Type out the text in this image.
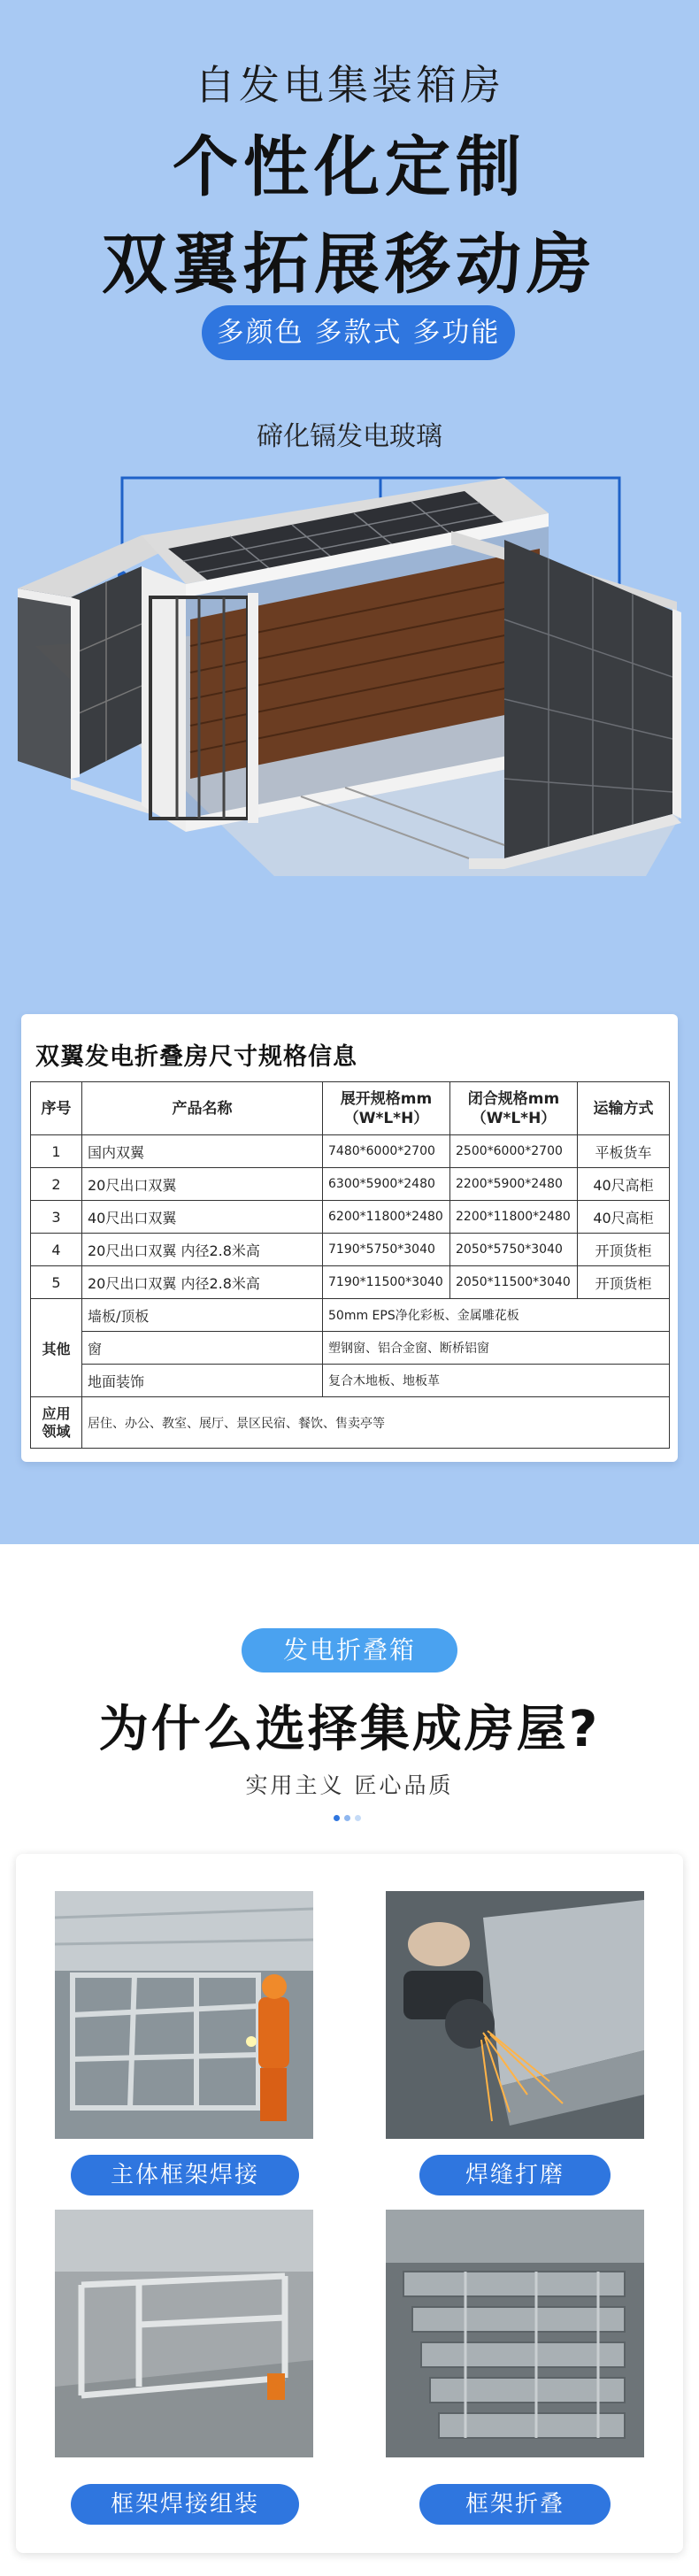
自发电集装箱房
个性化定制
双翼拓展移动房
多颜色 多款式 多功能
碲化镉发电玻璃
双翼发电折叠房尺寸规格信息
序号	产品名称	展开规格mm（W*L*H）	闭合规格mm（W*L*H）	运输方式
1	国内双翼	7480*6000*2700	2500*6000*2700	平板货车
2	20尺出口双翼	6300*5900*2480	2200*5900*2480	40尺高柜
3	40尺出口双翼	6200*11800*2480	2200*11800*2480	40尺高柜
4	20尺出口双翼 内径2.8米高	7190*5750*3040	2050*5750*3040	开顶货柜
5	20尺出口双翼 内径2.8米高	7190*11500*3040	2050*11500*3040	开顶货柜
其他	墙板/顶板	50mm EPS净化彩板、金属雕花板		
	窗	塑钢窗、铝合金窗、断桥铝窗		
	地面装饰	复合木地板、地板革		
应用领域	居住、办公、教室、展厅、景区民宿、餐饮、售卖亭等			
发电折叠箱
为什么选择集成房屋?
实用主义 匠心品质
主体框架焊接	焊缝打磨
框架焊接组装	框架折叠
